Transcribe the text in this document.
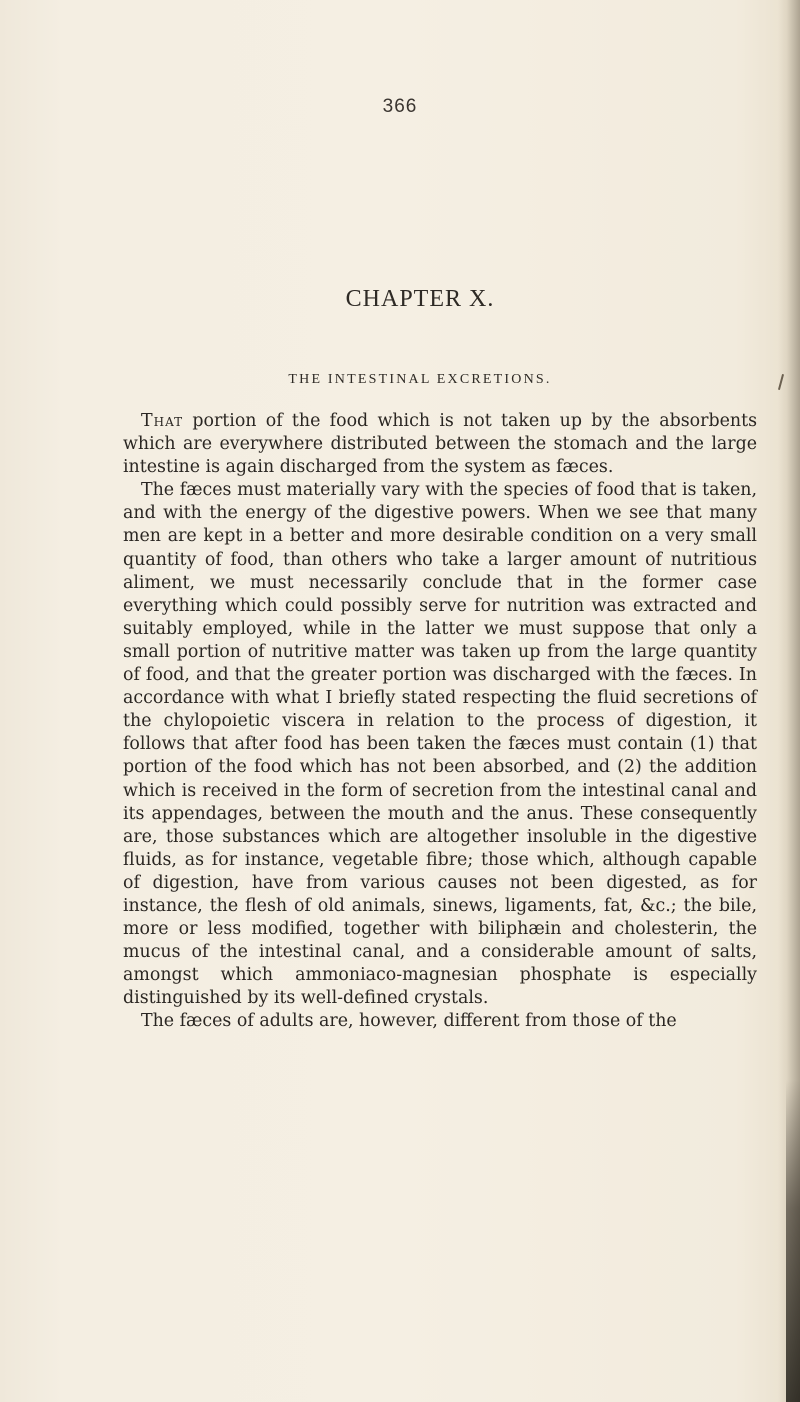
366
CHAPTER X.
THE INTESTINAL EXCRETIONS.

That portion of the food which is not taken up by the absorbents which are everywhere distributed between the stomach and the large intestine is again discharged from the system as fæces.

The fæces must materially vary with the species of food that is taken, and with the energy of the digestive powers. When we see that many men are kept in a better and more desirable condition on a very small quantity of food, than others who take a larger amount of nutritious aliment, we must necessarily conclude that in the former case everything which could possibly serve for nutrition was extracted and suitably employed, while in the latter we must suppose that only a small portion of nutritive matter was taken up from the large quantity of food, and that the greater portion was discharged with the fæces. In accordance with what I briefly stated respecting the fluid secretions of the chylopoietic viscera in relation to the process of digestion, it follows that after food has been taken the fæces must contain (1) that portion of the food which has not been absorbed, and (2) the addition which is received in the form of secretion from the intestinal canal and its appendages, between the mouth and the anus. These consequently are, those substances which are altogether insoluble in the digestive fluids, as for instance, vegetable fibre; those which, although capable of digestion, have from various causes not been digested, as for instance, the flesh of old animals, sinews, ligaments, fat, &c.; the bile, more or less modified, together with biliphæin and cholesterin, the mucus of the intestinal canal, and a considerable amount of salts, amongst which ammoniaco-magnesian phosphate is especially distinguished by its well-defined crystals.

The fæces of adults are, however, different from those of the
